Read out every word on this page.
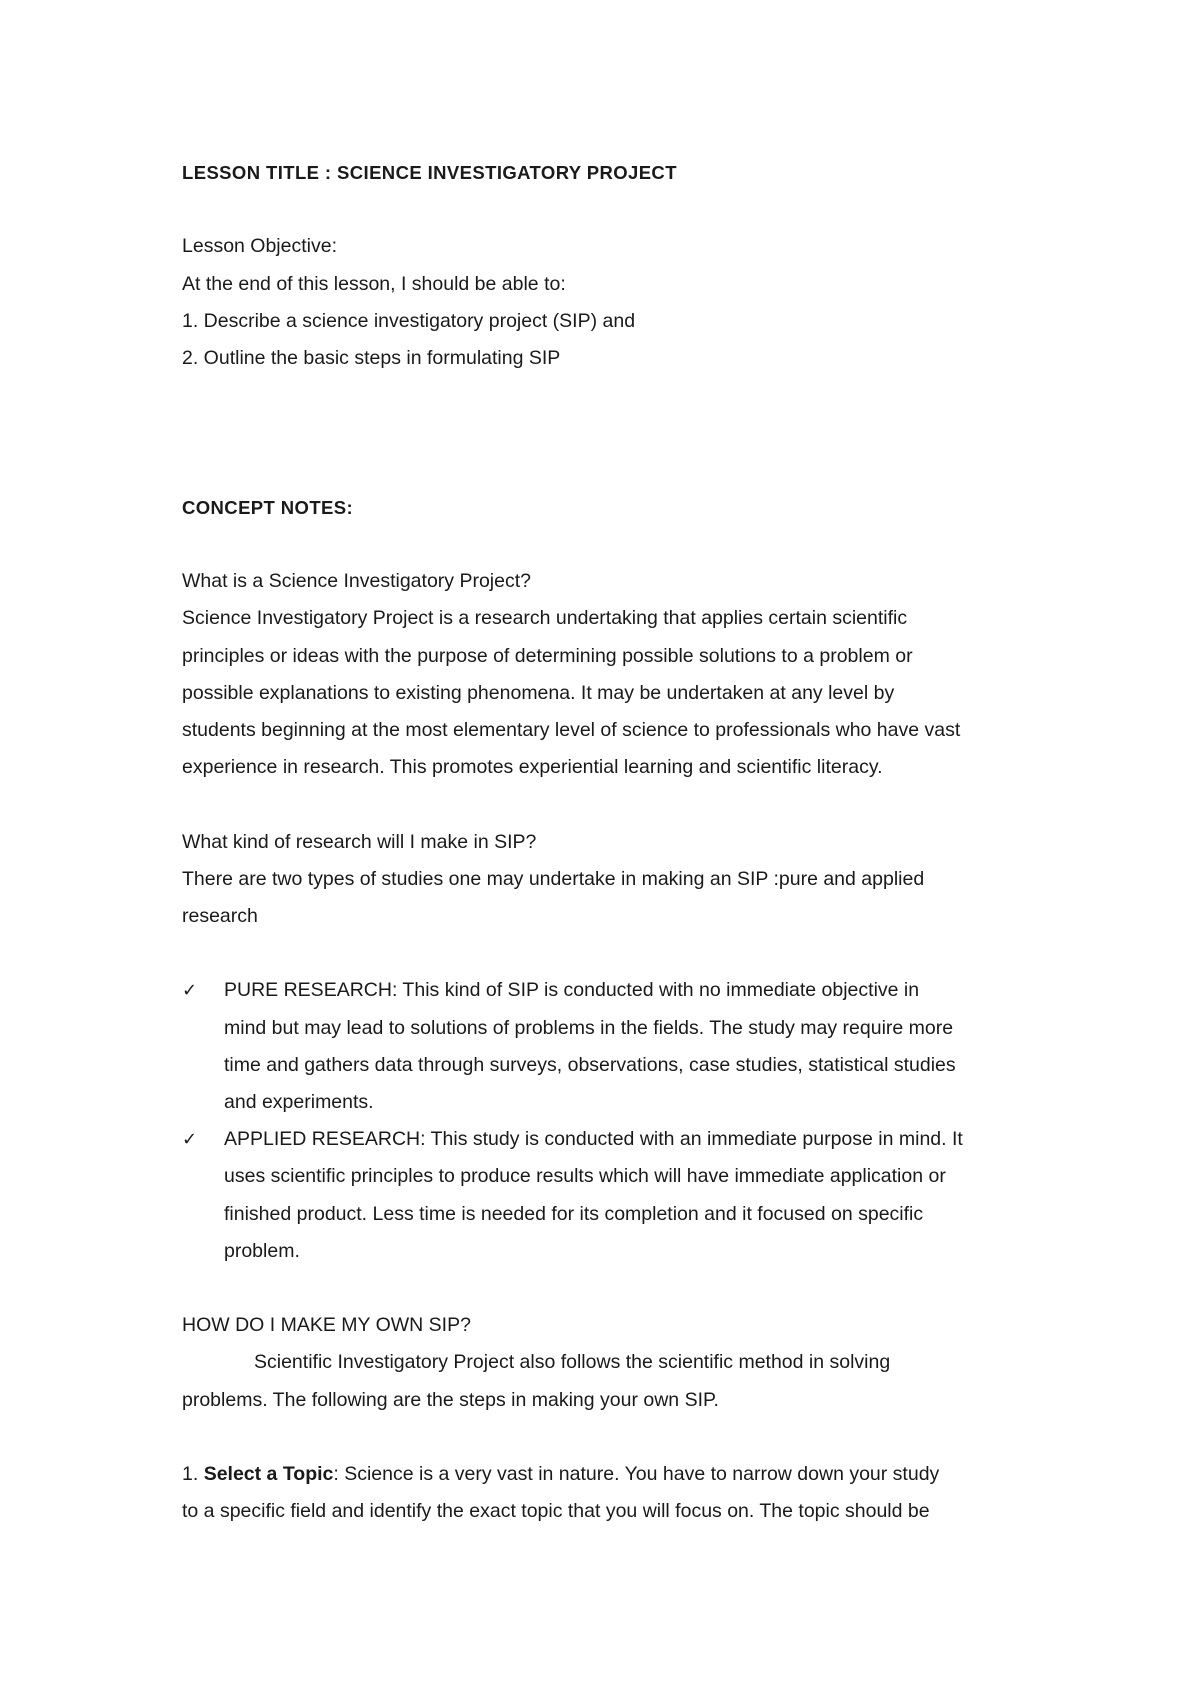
LESSON TITLE : SCIENCE INVESTIGATORY PROJECT

Lesson Objective:

At the end of this lesson, I should be able to:

1. Describe a science investigatory project (SIP) and

2. Outline the basic steps in formulating SIP

CONCEPT NOTES:

What is a Science Investigatory Project?

Science Investigatory Project is a research undertaking that applies certain scientific

principles or ideas with the purpose of determining possible solutions to a problem or

possible explanations to existing phenomena. It may be undertaken at any level by

students beginning at the most elementary level of science to professionals who have vast

experience in research. This promotes experiential learning and scientific literacy.

What kind of research will I make in SIP?

There are two types of studies one may undertake in making an SIP :pure and applied

research

✓ PURE RESEARCH: This kind of SIP is conducted with no immediate objective in

mind but may lead to solutions of problems in the fields. The study may require more

time and gathers data through surveys, observations, case studies, statistical studies

and experiments.

✓ APPLIED RESEARCH: This study is conducted with an immediate purpose in mind. It

uses scientific principles to produce results which will have immediate application or

finished product. Less time is needed for its completion and it focused on specific

problem.

HOW DO I MAKE MY OWN SIP?

Scientific Investigatory Project also follows the scientific method in solving

problems. The following are the steps in making your own SIP.

1. Select a Topic: Science is a very vast in nature. You have to narrow down your study

to a specific field and identify the exact topic that you will focus on. The topic should be
